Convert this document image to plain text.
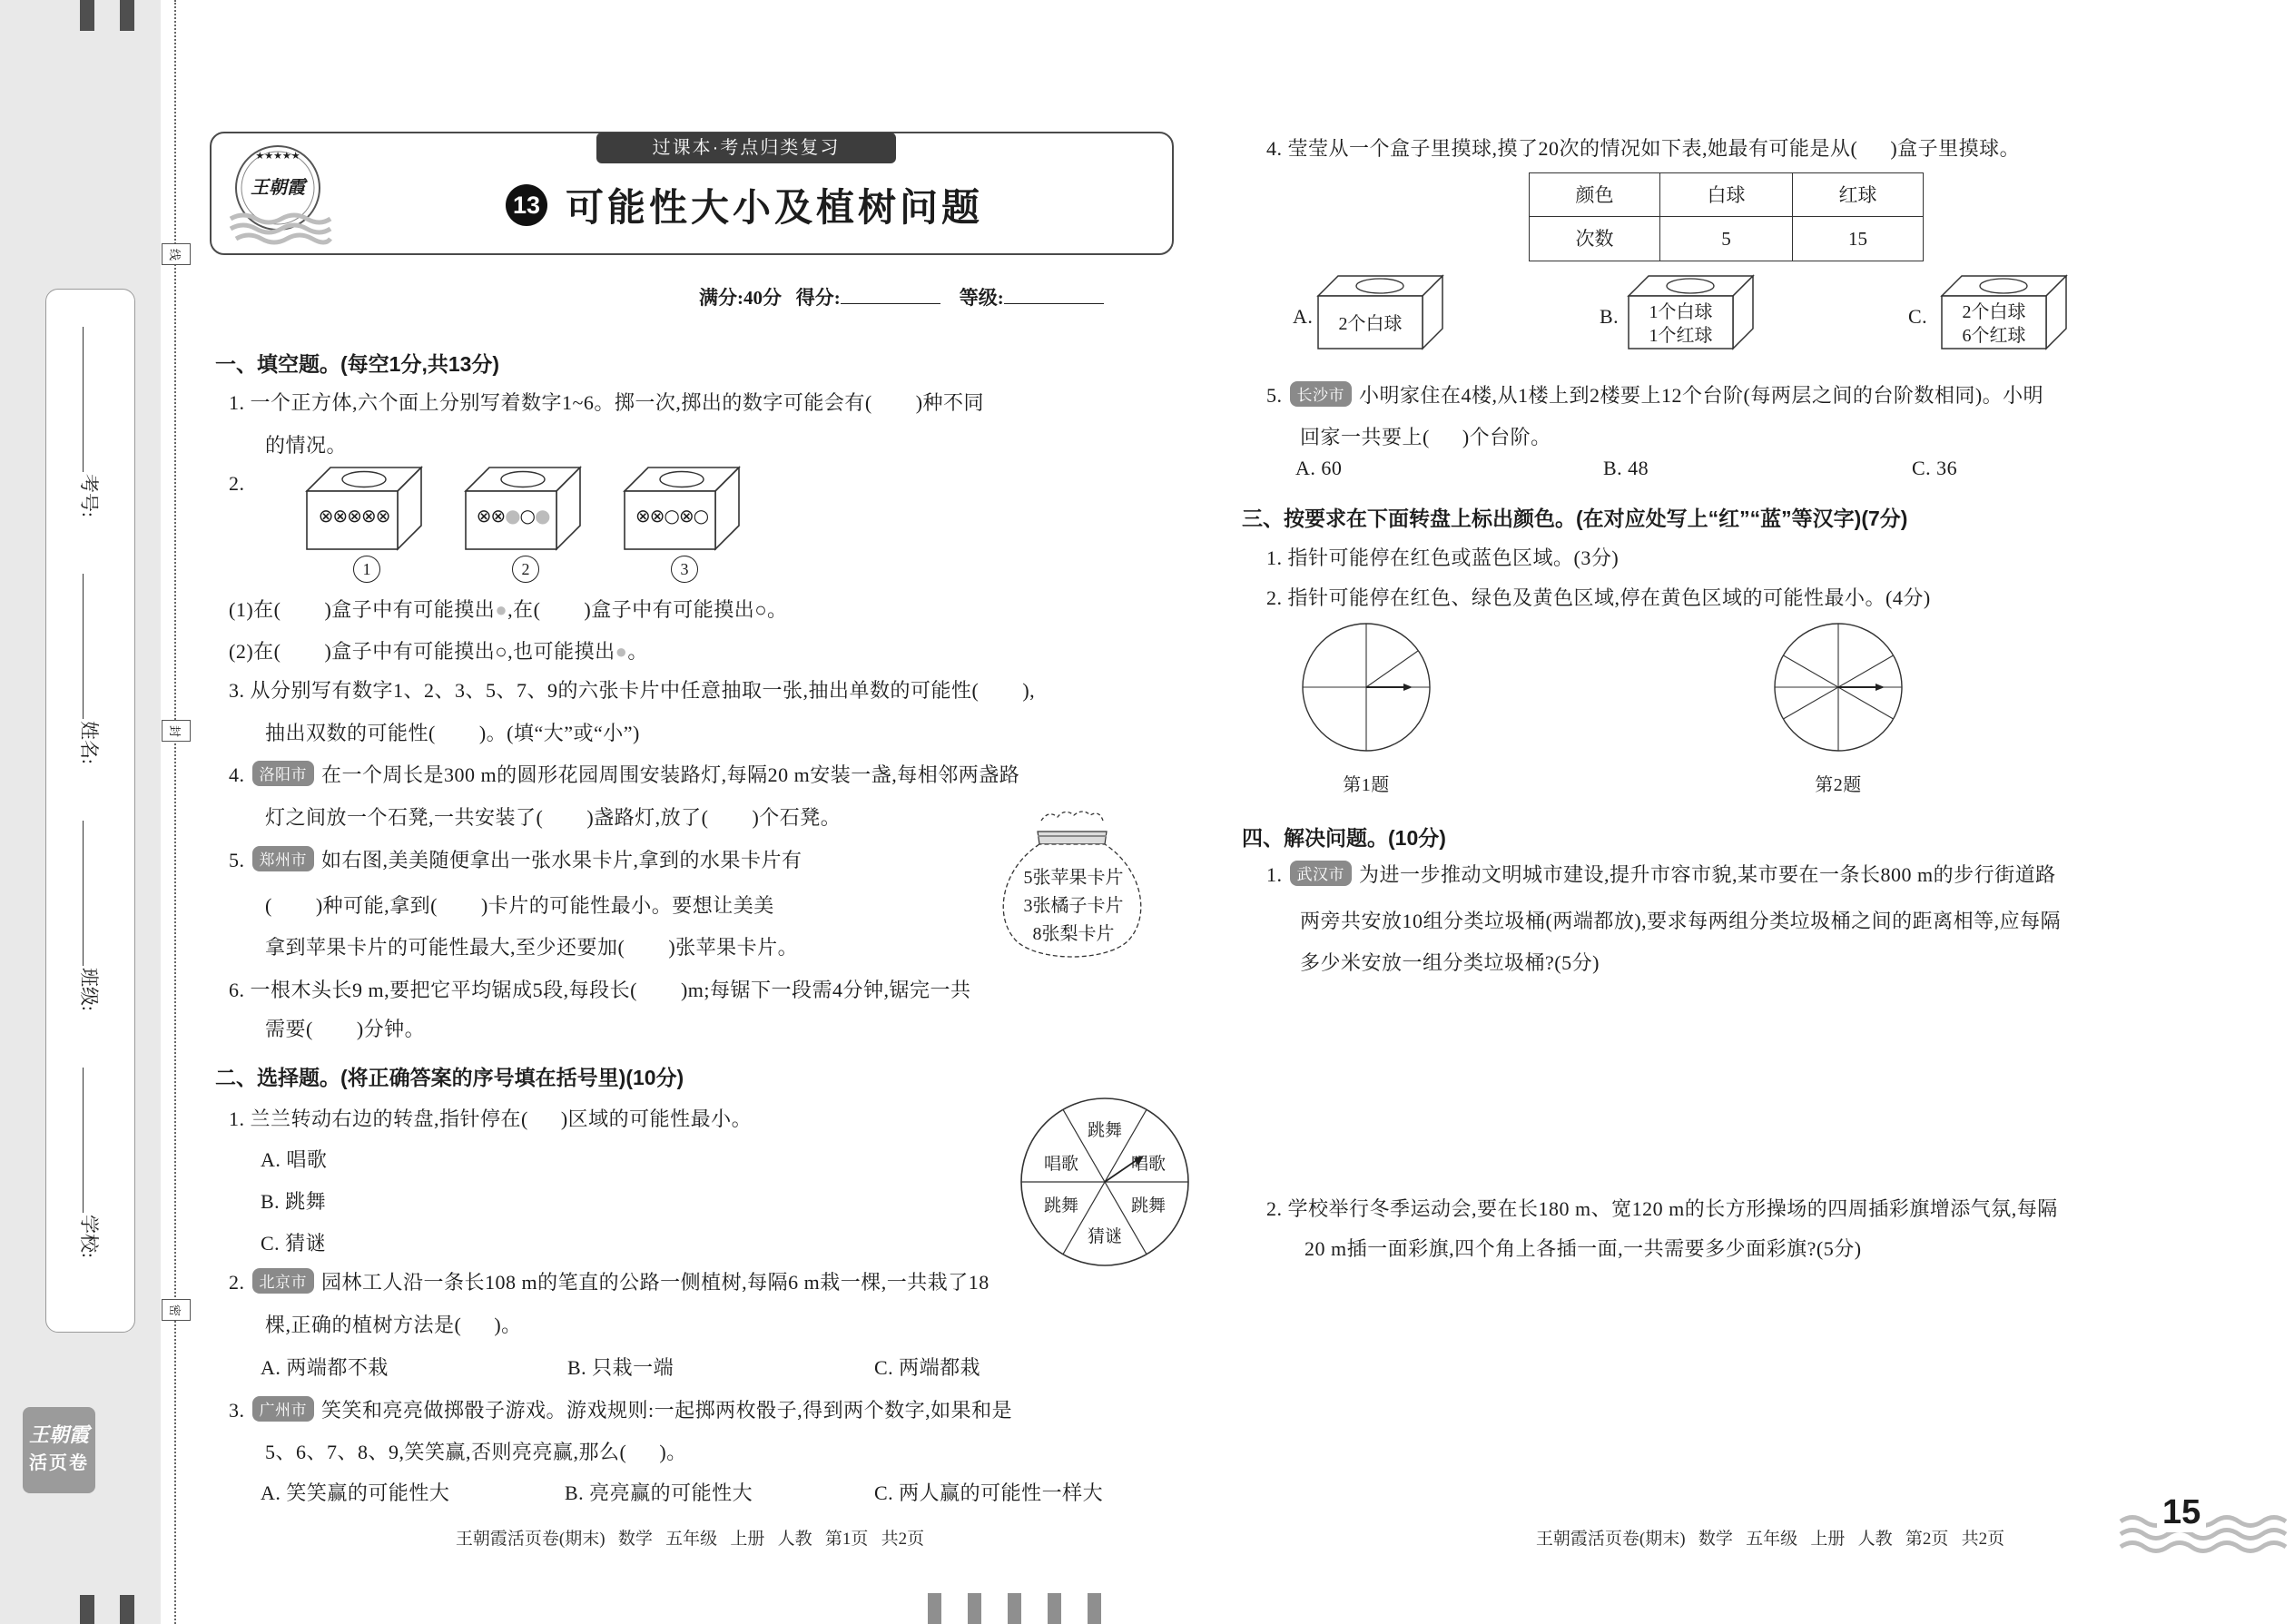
线
封
密
考号:
姓名:
班级:
学校:
王朝霞
活页卷
★★★★★
王朝霞
过课本·考点归类复习
13 可能性大小及植树问题
满分:40分 得分:	等级:
一、填空题。(每空1分,共13分)
1. 一个正方体,六个面上分别写着数字1~6。掷一次,掷出的数字可能会有(        )种不同
的情况。
2.
⊗⊗⊗⊗⊗	⊗⊗●○●	⊗⊗○⊗○
1	2	3
(1)在(        )盒子中有可能摸出●,在(        )盒子中有可能摸出○。
(2)在(        )盒子中有可能摸出○,也可能摸出●。
3. 从分别写有数字1、2、3、5、7、9的六张卡片中任意抽取一张,抽出单数的可能性(        ),
抽出双数的可能性(        )。(填“大”或“小”)
4. 洛阳市 在一个周长是300 m的圆形花园周围安装路灯,每隔20 m安装一盏,每相邻两盏路
灯之间放一个石凳,一共安装了(        )盏路灯,放了(        )个石凳。
5. 郑州市 如右图,美美随便拿出一张水果卡片,拿到的水果卡片有
(        )种可能,拿到(        )卡片的可能性最小。要想让美美
拿到苹果卡片的可能性最大,至少还要加(        )张苹果卡片。
5张苹果卡片
3张橘子卡片
8张梨卡片
6. 一根木头长9 m,要把它平均锯成5段,每段长(        )m;每锯下一段需4分钟,锯完一共
需要(        )分钟。
二、选择题。(将正确答案的序号填在括号里)(10分)
1. 兰兰转动右边的转盘,指针停在(      )区域的可能性最小。
A. 唱歌
B. 跳舞
C. 猜谜
跳舞
唱歌	唱歌
跳舞	跳舞
猜谜
2. 北京市 园林工人沿一条长108 m的笔直的公路一侧植树,每隔6 m栽一棵,一共栽了18
棵,正确的植树方法是(      )。
A. 两端都不栽	B. 只栽一端	C. 两端都栽
3. 广州市 笑笑和亮亮做掷骰子游戏。游戏规则:一起掷两枚骰子,得到两个数字,如果和是
5、6、7、8、9,笑笑赢,否则亮亮赢,那么(      )。
A. 笑笑赢的可能性大	B. 亮亮赢的可能性大	C. 两人赢的可能性一样大
王朝霞活页卷(期末)   数学   五年级   上册   人教   第1页   共2页
4. 莹莹从一个盒子里摸球,摸了20次的情况如下表,她最有可能是从(      )盒子里摸球。
颜色	白球	红球
次数	5	15
A.	2个白球	B.	1个白球
1个红球
C.	2个白球
6个红球
5. 长沙市 小明家住在4楼,从1楼上到2楼要上12个台阶(每两层之间的台阶数相同)。小明
回家一共要上(      )个台阶。
A. 60	B. 48	C. 36
三、按要求在下面转盘上标出颜色。(在对应处写上“红”“蓝”等汉字)(7分)
1. 指针可能停在红色或蓝色区域。(3分)
2. 指针可能停在红色、绿色及黄色区域,停在黄色区域的可能性最小。(4分)
第1题	第2题
四、解决问题。(10分)
1. 武汉市 为进一步推动文明城市建设,提升市容市貌,某市要在一条长800 m的步行街道路
两旁共安放10组分类垃圾桶(两端都放),要求每两组分类垃圾桶之间的距离相等,应每隔
多少米安放一组分类垃圾桶?(5分)
2. 学校举行冬季运动会,要在长180 m、宽120 m的长方形操场的四周插彩旗增添气氛,每隔
20 m插一面彩旗,四个角上各插一面,一共需要多少面彩旗?(5分)
王朝霞活页卷(期末)   数学   五年级   上册   人教   第2页   共2页
15
